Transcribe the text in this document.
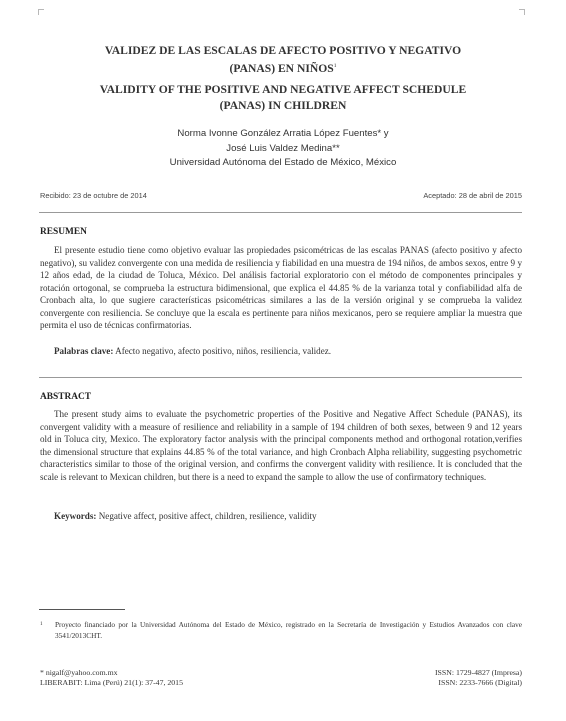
VALIDEZ DE LAS ESCALAS DE AFECTO POSITIVO Y NEGATIVO
(PANAS) EN NIÑOS$^1$
VALIDITY OF THE POSITIVE AND NEGATIVE AFFECT SCHEDULE
(PANAS) IN CHILDREN
Norma Ivonne González Arratia López Fuentes* y
José Luis Valdez Medina**
Universidad Autónoma del Estado de México, México
Recibido: 23 de octubre de 2014	Aceptado: 28 de abril de 2015
RESUMEN
El presente estudio tiene como objetivo evaluar las propiedades psicométricas de las escalas PANAS (afecto positivo y afecto negativo), su validez convergente con una medida de resiliencia y fiabilidad en una muestra de 194 niños, de ambos sexos, entre 9 y 12 años edad, de la ciudad de Toluca, México. Del análisis factorial exploratorio con el método de componentes principales y rotación ortogonal, se comprueba la estructura bidimensional, que explica el 44.85 % de la varianza total y confiabilidad alfa de Cronbach alta, lo que sugiere características psicométricas similares a las de la versión original y se comprueba la validez convergente con resiliencia. Se concluye que la escala es pertinente para niños mexicanos, pero se requiere ampliar la muestra que permita el uso de técnicas confirmatorias.
Palabras clave: Afecto negativo, afecto positivo, niños, resiliencia, validez.
ABSTRACT
The present study aims to evaluate the psychometric properties of the Positive and Negative Affect Schedule (PANAS), its convergent validity with a measure of resilience and reliability in a sample of 194 children of both sexes, between 9 and 12 years old in Toluca city, Mexico. The exploratory factor analysis with the principal components method and orthogonal rotation,verifies the dimensional structure that explains 44.85 % of the total variance, and high Cronbach Alpha reliability, suggesting psychometric characteristics similar to those of the original version, and confirms the convergent validity with resilience. It is concluded that the scale is relevant to Mexican children, but there is a need to expand the sample to allow the use of confirmatory techniques.
Keywords: Negative affect, positive affect, children, resilience, validity
1 Proyecto financiado por la Universidad Autónoma del Estado de México, registrado en la Secretaría de Investigación y Estudios Avanzados con clave 3541/2013CHT.
* nigalf@yahoo.com.mx
LIBERABIT: Lima (Perú) 21(1): 37-47, 2015
ISSN: 1729-4827 (Impresa)
ISSN: 2233-7666 (Digital)
